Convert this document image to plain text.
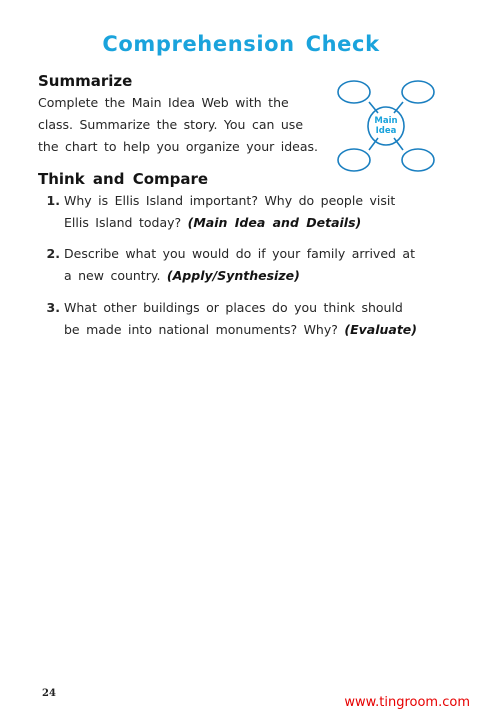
Comprehension Check
Summarize
Complete the Main Idea Web with the
class. Summarize the story. You can use
the chart to help you organize your ideas.
Main
Idea
Think and Compare
1. Why is Ellis Island important? Why do people visit
Ellis Island today? (Main Idea and Details)
2. Describe what you would do if your family arrived at
a new country. (Apply/Synthesize)
3. What other buildings or places do you think should
be made into national monuments? Why? (Evaluate)
24
www.tingroom.com
